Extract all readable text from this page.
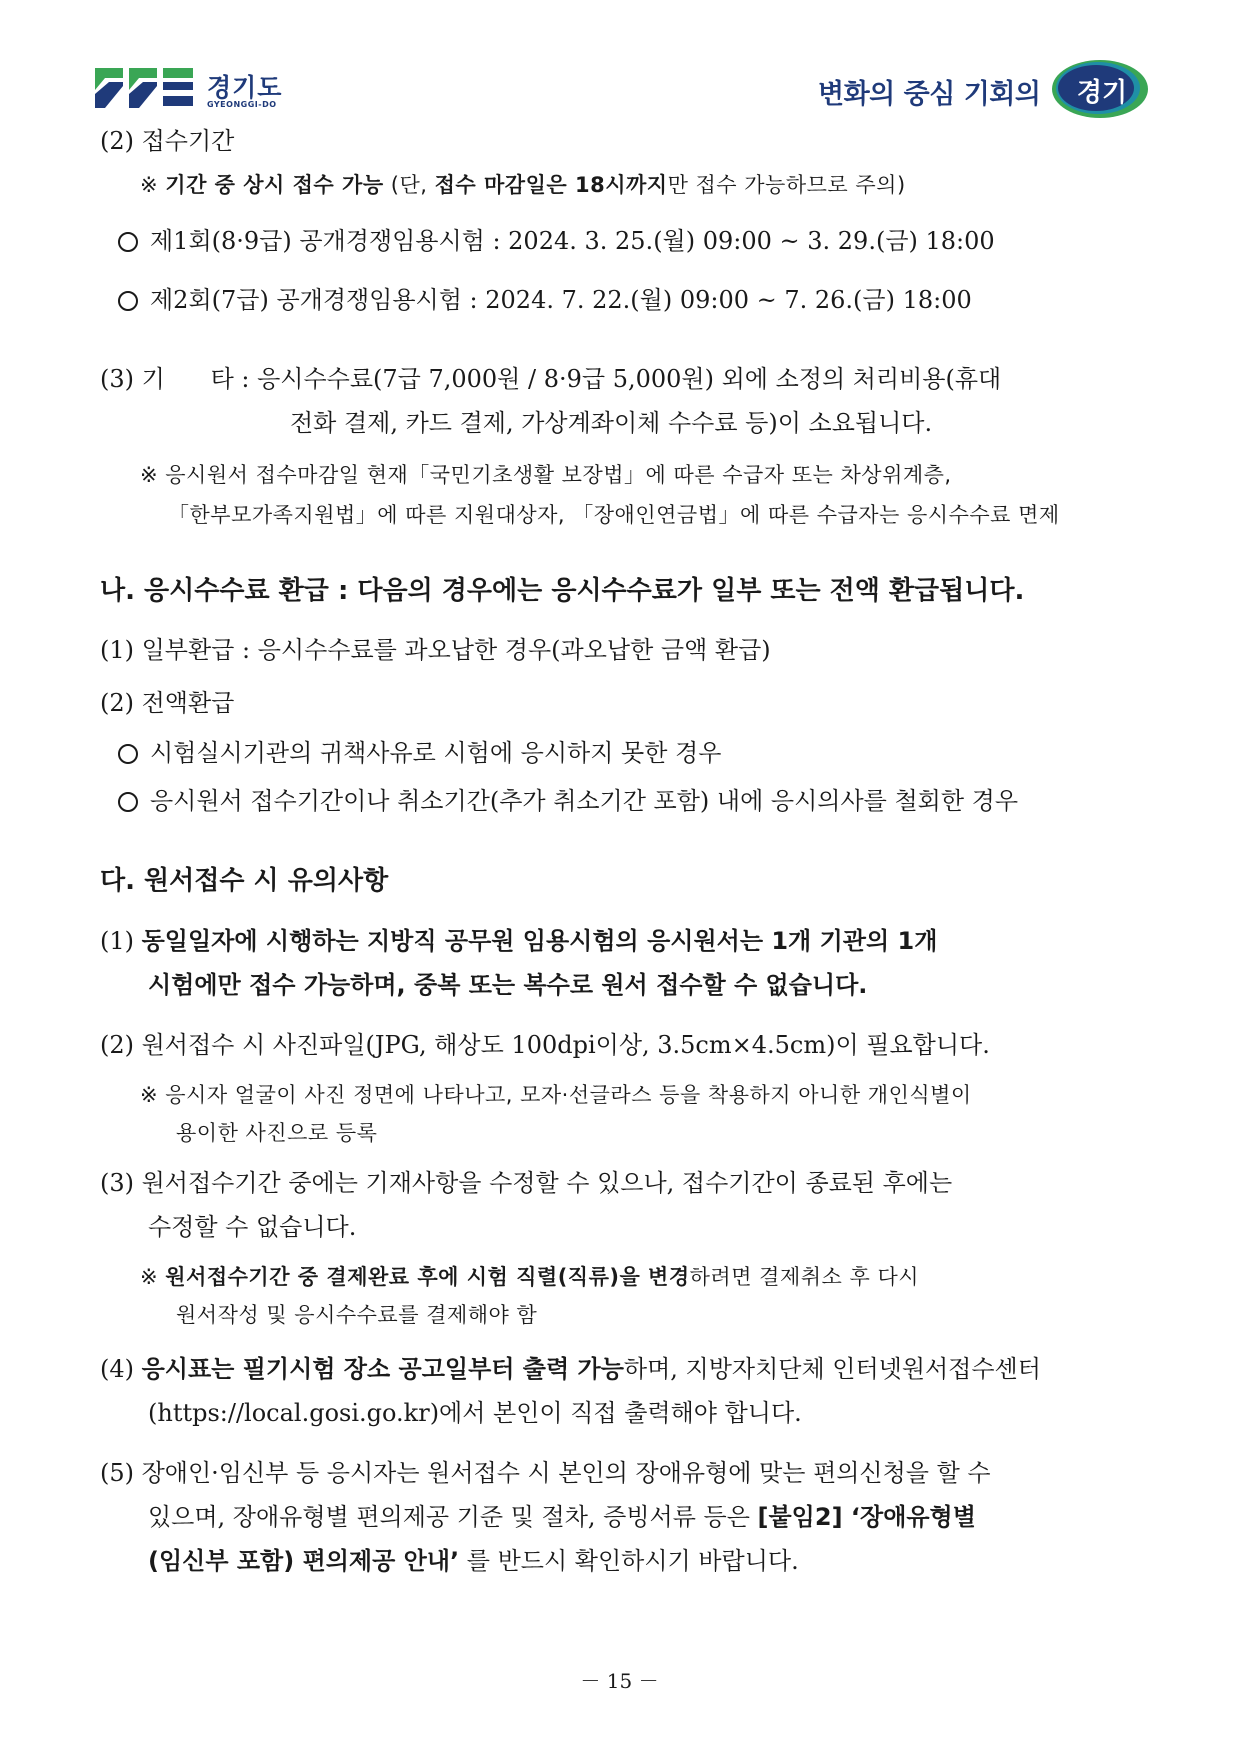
경기도
GYEONGGI-DO	변화의 중심 기회의	경기
(2) 접수기간
※ 기간 중 상시 접수 가능 (단, 접수 마감일은 18시까지만 접수 가능하므로 주의)
제1회(8·9급) 공개경쟁임용시험 : 2024. 3. 25.(월) 09:00 ~ 3. 29.(금) 18:00
제2회(7급) 공개경쟁임용시험 : 2024. 7. 22.(월) 09:00 ~ 7. 26.(금) 18:00
(3) 기      타 : 응시수수료(7급 7,000원 / 8·9급 5,000원) 외에 소정의 처리비용(휴대
전화 결제, 카드 결제, 가상계좌이체 수수료 등)이 소요됩니다.
※ 응시원서 접수마감일 현재「국민기초생활 보장법」에 따른 수급자 또는 차상위계층,
「한부모가족지원법」에 따른 지원대상자, 「장애인연금법」에 따른 수급자는 응시수수료 면제
나. 응시수수료 환급 : 다음의 경우에는 응시수수료가 일부 또는 전액 환급됩니다.
(1) 일부환급 : 응시수수료를 과오납한 경우(과오납한 금액 환급)
(2) 전액환급
시험실시기관의 귀책사유로 시험에 응시하지 못한 경우
응시원서 접수기간이나 취소기간(추가 취소기간 포함) 내에 응시의사를 철회한 경우
다. 원서접수 시 유의사항
(1) 동일일자에 시행하는 지방직 공무원 임용시험의 응시원서는 1개 기관의 1개
시험에만 접수 가능하며, 중복 또는 복수로 원서 접수할 수 없습니다.
(2) 원서접수 시 사진파일(JPG, 해상도 100dpi이상, 3.5cm×4.5cm)이 필요합니다.
※ 응시자 얼굴이 사진 정면에 나타나고, 모자·선글라스 등을 착용하지 아니한 개인식별이
용이한 사진으로 등록
(3) 원서접수기간 중에는 기재사항을 수정할 수 있으나, 접수기간이 종료된 후에는
수정할 수 없습니다.
※ 원서접수기간 중 결제완료 후에 시험 직렬(직류)을 변경하려면 결제취소 후 다시
원서작성 및 응시수수료를 결제해야 함
(4) 응시표는 필기시험 장소 공고일부터 출력 가능하며, 지방자치단체 인터넷원서접수센터
(https://local.gosi.go.kr)에서 본인이 직접 출력해야 합니다.
(5) 장애인·임신부 등 응시자는 원서접수 시 본인의 장애유형에 맞는 편의신청을 할 수
있으며, 장애유형별 편의제공 기준 및 절차, 증빙서류 등은 [붙임2] ‘장애유형별
(임신부 포함) 편의제공 안내’ 를 반드시 확인하시기 바랍니다.
－ 15 －
